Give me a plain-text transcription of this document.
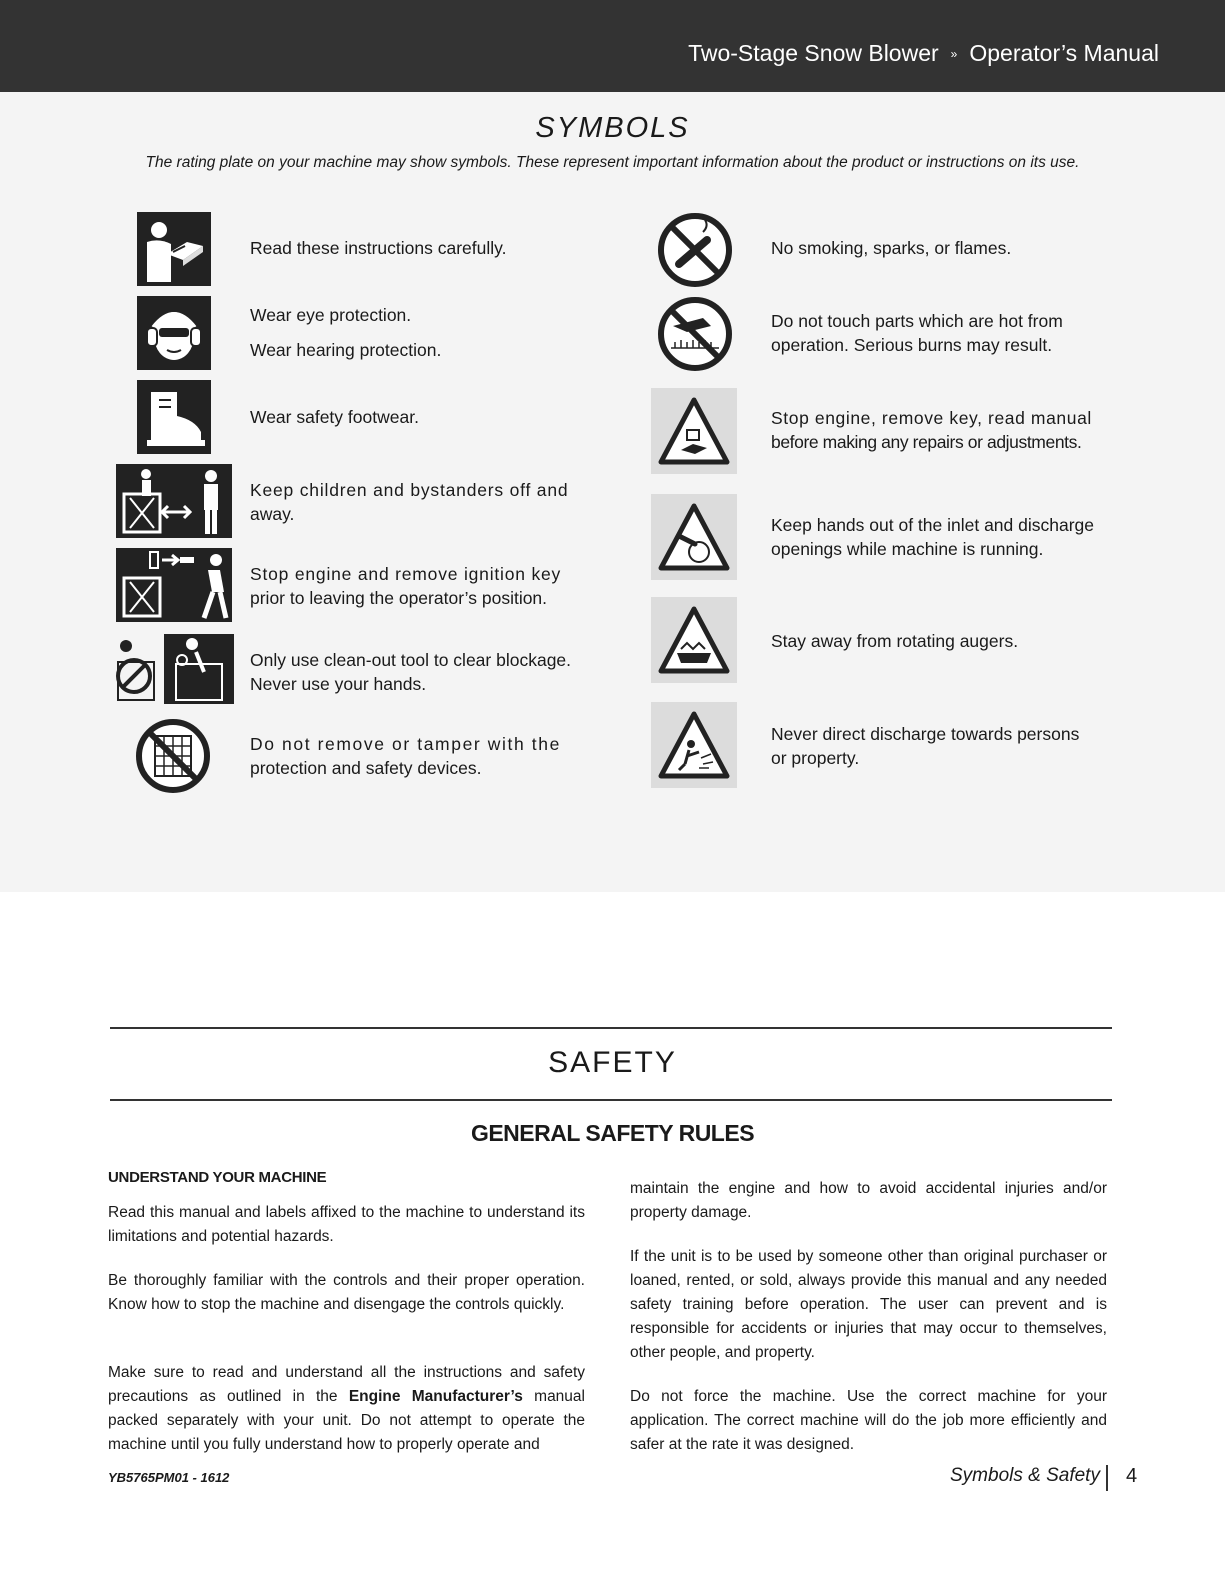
Two-Stage Snow Blower » Operator’s Manual
SYMBOLS
The rating plate on your machine may show symbols. These represent important information about the product or instructions on its use.
Read these instructions carefully.
Wear eye protection.
Wear hearing protection.
Wear safety footwear.
Keep children and bystanders off and
away.
Stop engine and remove ignition key
prior to leaving the operator’s position.
Only use clean-out tool to clear blockage.
Never use your hands.
Do not remove or tamper with the
protection and safety devices.
No smoking, sparks, or flames.
Do not touch parts which are hot from
operation. Serious burns may result.
Stop engine, remove key, read manual
before making any repairs or adjustments.
Keep hands out of the inlet and discharge
openings while machine is running.
Stay away from rotating augers.
Never direct discharge towards persons
or property.
SAFETY
GENERAL SAFETY RULES
UNDERSTAND YOUR MACHINE
Read this manual and labels affixed to the machine to understand its limitations and potential hazards.
Be thoroughly familiar with the controls and their proper operation. Know how to stop the machine and disengage the controls quickly.
Make sure to read and understand all the instructions and safety precautions as outlined in the Engine Manufacturer’s manual packed separately with your unit. Do not attempt to operate the machine until you fully understand how to properly operate and
maintain the engine and how to avoid accidental injuries and/or property damage.
If the unit is to be used by someone other than original purchaser or loaned, rented, or sold, always provide this manual and any needed safety training before operation. The user can prevent and is responsible for accidents or injuries that may occur to themselves, other people, and property.
Do not force the machine. Use the correct machine for your application. The correct machine will do the job more efficiently and safer at the rate it was designed.
YB5765PM01 - 1612	Symbols & Safety 4
